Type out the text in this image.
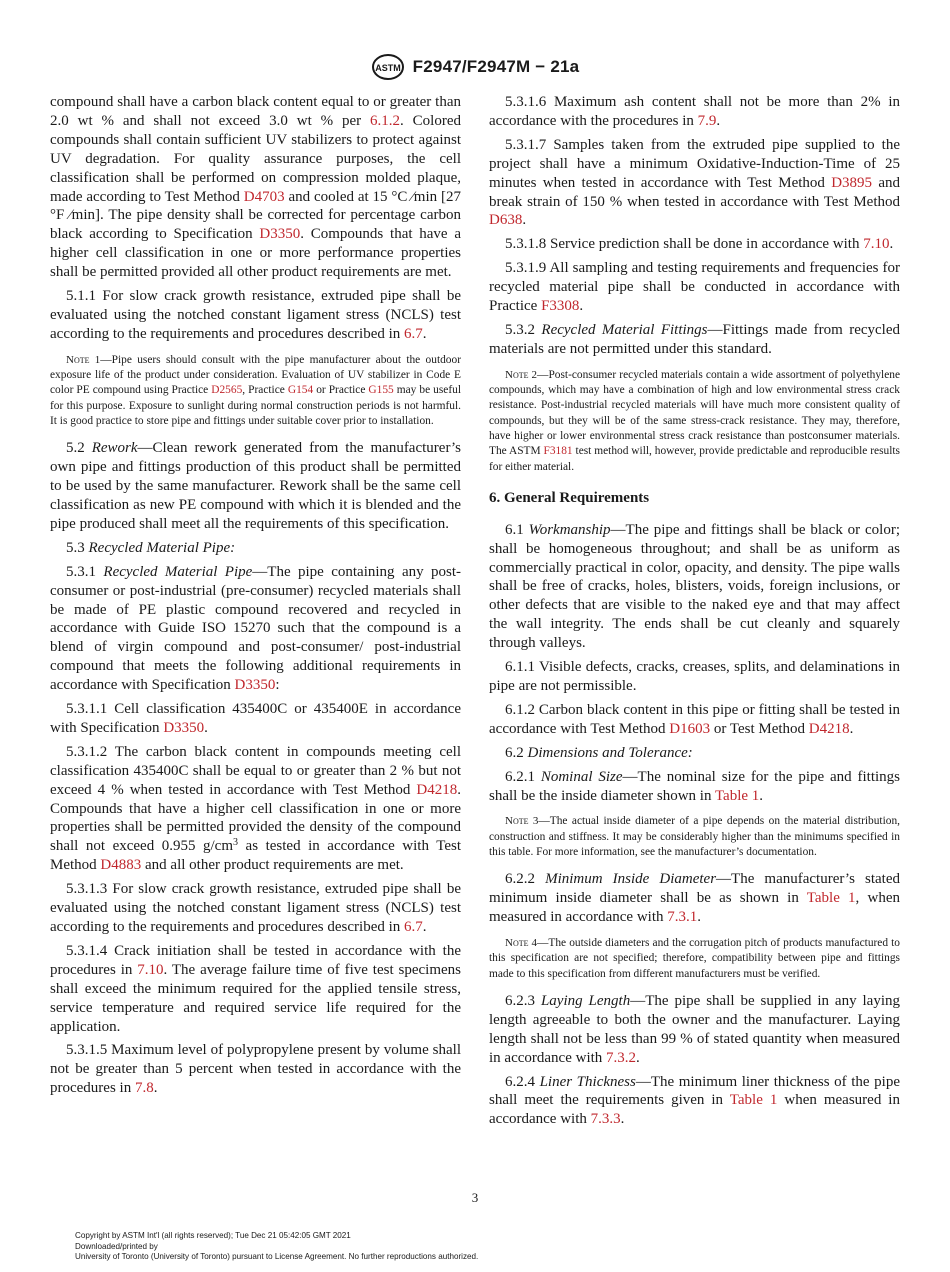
ASTM F2947/F2947M − 21a

compound shall have a carbon black content equal to or greater than 2.0 wt % and shall not exceed 3.0 wt % per 6.1.2. Colored compounds shall contain sufficient UV stabilizers to protect against UV degradation. For quality assurance purposes, the cell classification shall be performed on compression molded plaque, made according to Test Method D4703 and cooled at 15 °C ⁄min [27 °F ⁄min]. The pipe density shall be corrected for percentage carbon black according to Specification D3350. Compounds that have a higher cell classification in one or more performance properties shall be permitted provided all other product requirements are met.

5.1.1 For slow crack growth resistance, extruded pipe shall be evaluated using the notched constant ligament stress (NCLS) test according to the requirements and procedures described in 6.7.

Note 1—Pipe users should consult with the pipe manufacturer about the outdoor exposure life of the product under consideration. Evaluation of UV stabilizer in Code E color PE compound using Practice D2565, Practice G154 or Practice G155 may be useful for this purpose. Exposure to sunlight during normal construction periods is not harmful. It is good practice to store pipe and fittings under suitable cover prior to installation.

5.2 Rework—Clean rework generated from the manufacturer’s own pipe and fittings production of this product shall be permitted to be used by the same manufacturer. Rework shall be the same cell classification as new PE compound with which it is blended and the pipe produced shall meet all the requirements of this specification.

5.3 Recycled Material Pipe:

5.3.1 Recycled Material Pipe—The pipe containing any post-consumer or post-industrial (pre-consumer) recycled materials shall be made of PE plastic compound recovered and recycled in accordance with Guide ISO 15270 such that the compound is a blend of virgin compound and post-consumer/ post-industrial compound that meets the following additional requirements in accordance with Specification D3350:

5.3.1.1 Cell classification 435400C or 435400E in accordance with Specification D3350.

5.3.1.2 The carbon black content in compounds meeting cell classification 435400C shall be equal to or greater than 2 % but not exceed 4 % when tested in accordance with Test Method D4218. Compounds that have a higher cell classification in one or more properties shall be permitted provided the density of the compound shall not exceed 0.955 $g/cm^3$ as tested in accordance with Test Method D4883 and all other product requirements are met.

5.3.1.3 For slow crack growth resistance, extruded pipe shall be evaluated using the notched constant ligament stress (NCLS) test according to the requirements and procedures described in 6.7.

5.3.1.4 Crack initiation shall be tested in accordance with the procedures in 7.10. The average failure time of five test specimens shall exceed the minimum required for the applied tensile stress, service temperature and required service life required for the application.

5.3.1.5 Maximum level of polypropylene present by volume shall not be greater than 5 percent when tested in accordance with the procedures in 7.8.

5.3.1.6 Maximum ash content shall not be more than 2% in accordance with the procedures in 7.9.

5.3.1.7 Samples taken from the extruded pipe supplied to the project shall have a minimum Oxidative-Induction-Time of 25 minutes when tested in accordance with Test Method D3895 and break strain of 150 % when tested in accordance with Test Method D638.

5.3.1.8 Service prediction shall be done in accordance with 7.10.

5.3.1.9 All sampling and testing requirements and frequencies for recycled material pipe shall be conducted in accordance with Practice F3308.

5.3.2 Recycled Material Fittings—Fittings made from recycled materials are not permitted under this standard.

Note 2—Post-consumer recycled materials contain a wide assortment of polyethylene compounds, which may have a combination of high and low environmental stress crack resistance. Post-industrial recycled materials will have much more consistent quality of compounds, but they will be of the same stress-crack resistance. They may, therefore, have higher or lower environmental stress crack resistance than postconsumer materials. The ASTM F3181 test method will, however, provide predictable and reproducible results for either material.

6. General Requirements

6.1 Workmanship—The pipe and fittings shall be black or color; shall be homogeneous throughout; and shall be as uniform as commercially practical in color, opacity, and density. The pipe walls shall be free of cracks, holes, blisters, voids, foreign inclusions, or other defects that are visible to the naked eye and that may affect the wall integrity. The ends shall be cut cleanly and squarely through valleys.

6.1.1 Visible defects, cracks, creases, splits, and delaminations in pipe are not permissible.

6.1.2 Carbon black content in this pipe or fitting shall be tested in accordance with Test Method D1603 or Test Method D4218.

6.2 Dimensions and Tolerance:

6.2.1 Nominal Size—The nominal size for the pipe and fittings shall be the inside diameter shown in Table 1.

Note 3—The actual inside diameter of a pipe depends on the material distribution, construction and stiffness. It may be considerably higher than the minimums specified in this table. For more information, see the manufacturer’s documentation.

6.2.2 Minimum Inside Diameter—The manufacturer’s stated minimum inside diameter shall be as shown in Table 1, when measured in accordance with 7.3.1.

Note 4—The outside diameters and the corrugation pitch of products manufactured to this specification are not specified; therefore, compatibility between pipe and fittings made to this specification from different manufacturers must be verified.

6.2.3 Laying Length—The pipe shall be supplied in any laying length agreeable to both the owner and the manufacturer. Laying length shall not be less than 99 % of stated quantity when measured in accordance with 7.3.2.

6.2.4 Liner Thickness—The minimum liner thickness of the pipe shall meet the requirements given in Table 1 when measured in accordance with 7.3.3.

3
Copyright by ASTM Int'l (all rights reserved); Tue Dec 21 05:42:05 GMT 2021
Downloaded/printed by
University of Toronto (University of Toronto) pursuant to License Agreement. No further reproductions authorized.
